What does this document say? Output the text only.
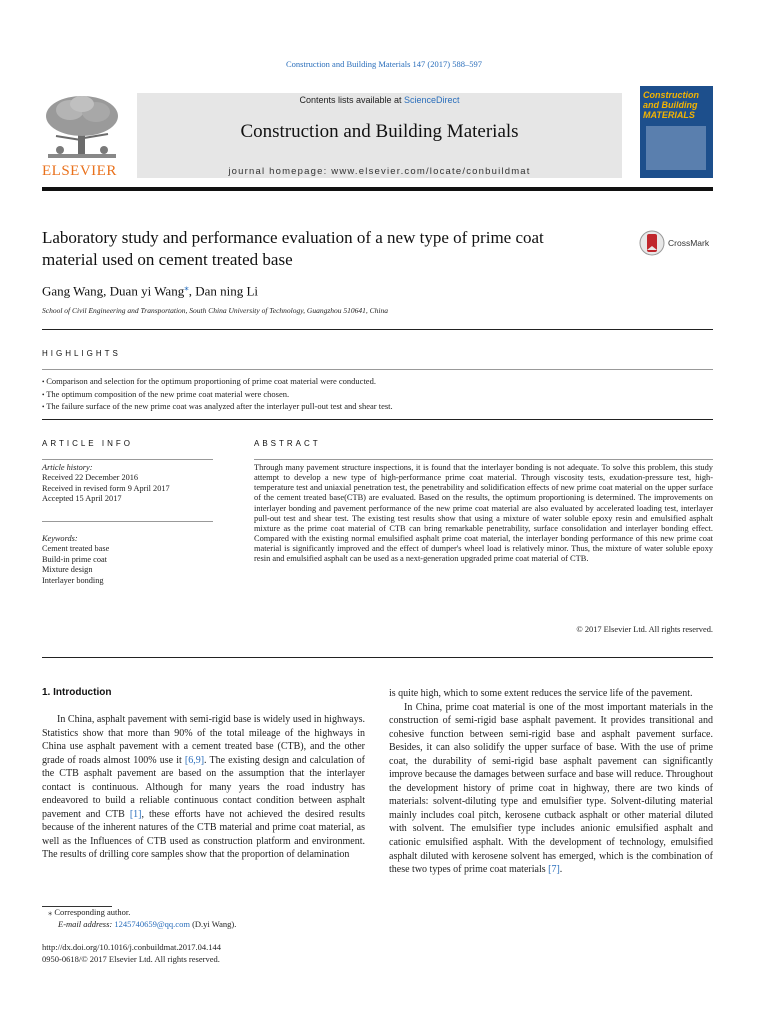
Construction and Building Materials 147 (2017) 588–597
ELSEVIER
Contents lists available at ScienceDirect
Construction and Building Materials
journal homepage: www.elsevier.com/locate/conbuildmat
Construction and Building MATERIALS
Laboratory study and performance evaluation of a new type of prime coat material used on cement treated base
CrossMark
Gang Wang, Duan yi Wang⁎, Dan ning Li
School of Civil Engineering and Transportation, South China University of Technology, Guangzhou 510641, China
HIGHLIGHTS
• Comparison and selection for the optimum proportioning of prime coat material were conducted.
• The optimum composition of the new prime coat material were chosen.
• The failure surface of the new prime coat was analyzed after the interlayer pull-out test and shear test.
ARTICLE INFO
Article history:
Received 22 December 2016
Received in revised form 9 April 2017
Accepted 15 April 2017
Keywords:
Cement treated base
Build-in prime coat
Mixture design
Interlayer bonding
ABSTRACT
Through many pavement structure inspections, it is found that the interlayer bonding is not adequate. To solve this problem, this study attempt to develop a new type of high-performance prime coat material. Through viscosity tests, exudation-pressure test, high-temperature test and uniaxial penetration test, the penetrability and solidification effects of new prime coat material on the upper surface of the cement treated base(CTB) are evaluated. Based on the results, the optimum proportioning is determined. The improvements on interlayer bonding and pavement performance of the new prime coat material are also evaluated by accelerated loading test, interlayer pull-out test and shear test. The existing test results show that using a mixture of water soluble epoxy resin and emulsified asphalt mixture as the prime coat material of CTB can bring remarkable penetrability, surface consolidation and interlayer bonding effect. Compared with the existing normal emulsified asphalt prime coat material, the interlayer bonding performance of this new prime coat material is significantly improved and the effect of dumper's wheel load is relatively minor. Thus, the mixture of water soluble epoxy resin and emulsified asphalt can be used as a next-generation upgraded prime coat material of CTB.
© 2017 Elsevier Ltd. All rights reserved.
1. Introduction

In China, asphalt pavement with semi-rigid base is widely used in highways. Statistics show that more than 90% of the total mileage of the highways in China use asphalt pavement with a cement treated base (CTB), and the other grade of roads almost 100% use it [6,9]. The existing design and calculation of the CTB asphalt pavement are based on the assumption that the interlayer contact is continuous. Although for many years the road industry has endeavored to build a reliable continuous contact condition between asphalt pavement and CTB [1], these efforts have not achieved the desired results because of the inherent natures of the CTB material and prime coat material, as well as the Influences of CTB used as construction platform and environment. The results of drilling core samples show that the proportion of delamination

is quite high, which to some extent reduces the service life of the pavement.

In China, prime coat material is one of the most important materials in the construction of semi-rigid base asphalt pavement. It provides transitional and cohesive function between semi-rigid base and asphalt pavement surface. Besides, it can also solidify the upper surface of base. With the use of prime coat, the durability of semi-rigid base asphalt pavement can significantly improve because the damages between surface and base will reduce. Throughout the development history of prime coat in highway, there are two kinds of materials: solvent-diluting type and emulsifier type. Solvent-diluting material mainly includes coal pitch, kerosene cutback asphalt or other material diluted with solvent. The emulsifier type includes anionic emulsified asphalt and cationic emulsified asphalt. With the development of technology, emulsified asphalt diluted with kerosene solvent has emerged, which is the combination of these two types of prime coat materials [7].

⁎ Corresponding author.
E-mail address: 1245740659@qq.com (D.yi Wang).
http://dx.doi.org/10.1016/j.conbuildmat.2017.04.144
0950-0618/© 2017 Elsevier Ltd. All rights reserved.
